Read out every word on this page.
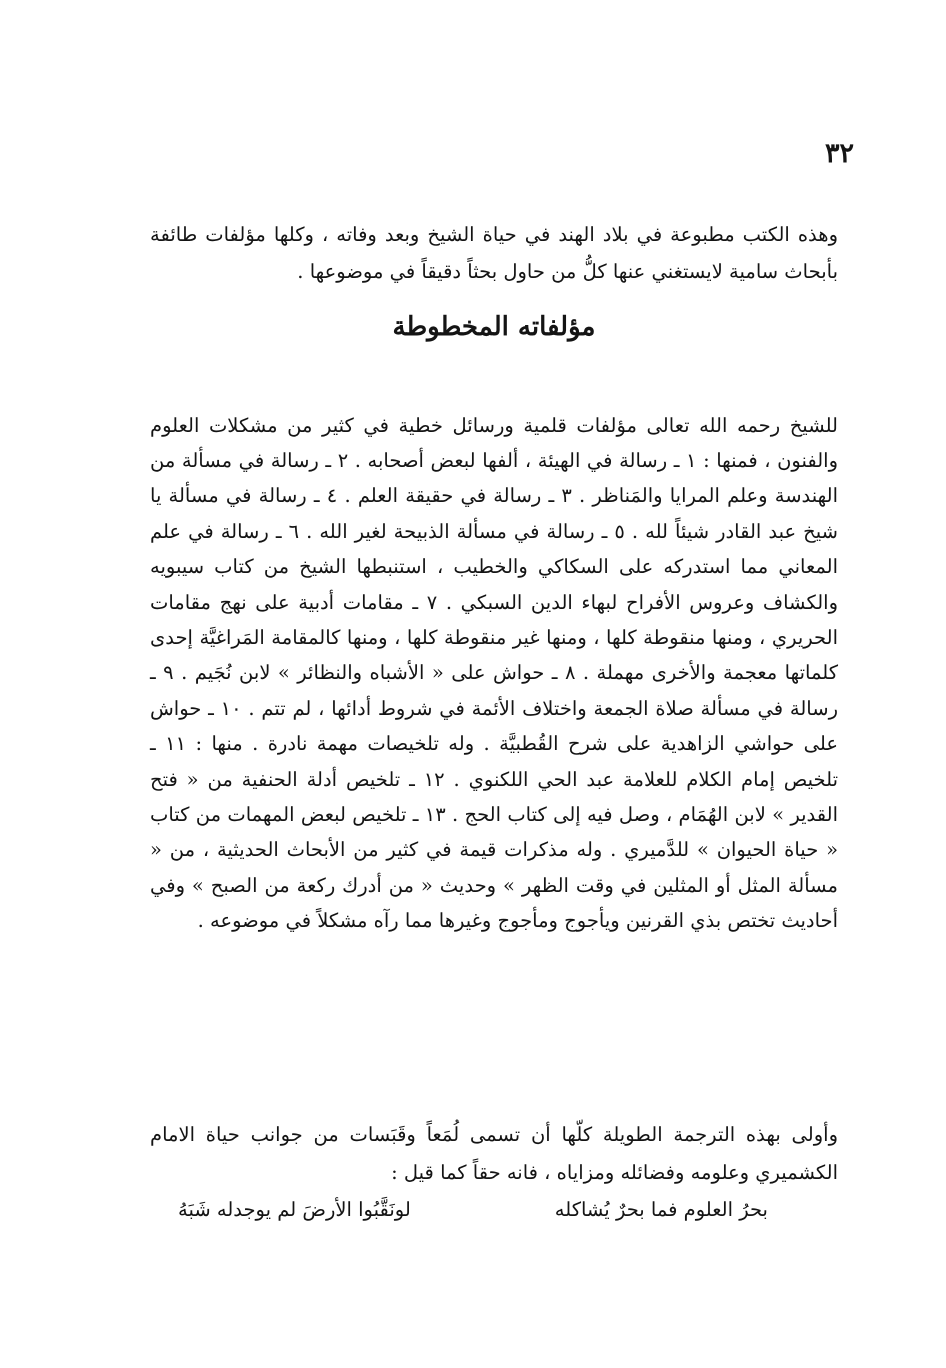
٣٢

وهذه الكتب مطبوعة في بلاد الهند في حياة الشيخ وبعد وفاته ، وكلها مؤلفات طائفة بأبحاث سامية لايستغني عنها كلُّ من حاول بحثاً دقيقاً في موضوعها .

مؤلفاته المخطوطة

للشيخ رحمه الله تعالى مؤلفات قلمية ورسائل خطية في كثير من مشكلات العلوم والفنون ، فمنها : ١ ـ رسالة في الهيئة ، ألفها لبعض أصحابه . ٢ ـ رسالة في مسألة من الهندسة وعلم المرايا والمَناظر . ٣ ـ رسالة في حقيقة العلم . ٤ ـ رسالة في مسألة يا شيخ عبد القادر شيئاً لله . ٥ ـ رسالة في مسألة الذبيحة لغير الله . ٦ ـ رسالة في علم المعاني مما استدركه على السكاكي والخطيب ، استنبطها الشيخ من كتاب سيبويه والكشاف وعروس الأفراح لبهاء الدين السبكي . ٧ ـ مقامات أدبية على نهج مقامات الحريري ، ومنها منقوطة كلها ، ومنها غير منقوطة كلها ، ومنها كالمقامة المَراغيَّة إحدى كلماتها معجمة والأخرى مهملة . ٨ ـ حواش على « الأشباه والنظائر » لابن نُجَيم . ٩ ـ رسالة في مسألة صلاة الجمعة واختلاف الأئمة في شروط أدائها ، لم تتم . ١٠ ـ حواش على حواشي الزاهدية على شرح القُطبيَّة . وله تلخيصات مهمة نادرة . منها : ١١ ـ تلخيص إمام الكلام للعلامة عبد الحي اللكنوي . ١٢ ـ تلخيص أدلة الحنفية من « فتح القدير » لابن الهُمَام ، وصل فيه إلى كتاب الحج . ١٣ ـ تلخيص لبعض المهمات من كتاب « حياة الحيوان » للدَّميري . وله مذكرات قيمة في كثير من الأبحاث الحديثية ، من « مسألة المثل أو المثلين في وقت الظهر » وحديث « من أدرك ركعة من الصبح » وفي أحاديث تختص بذي القرنين ويأجوج ومأجوج وغيرها مما رآه مشكلاً في موضوعه .

وأولى بهذه الترجمة الطويلة كلّها أن تسمى لُمَعاً وقَبَسات من جوانب حياة الامام الكشميري وعلومه وفضائله ومزاياه ، فانه حقاً كما قيل :

بحرُ العلوم فما بحرٌ يُشاكله
لونَقَّبُوا الأرضَ لم يوجدله شَبَهُ
